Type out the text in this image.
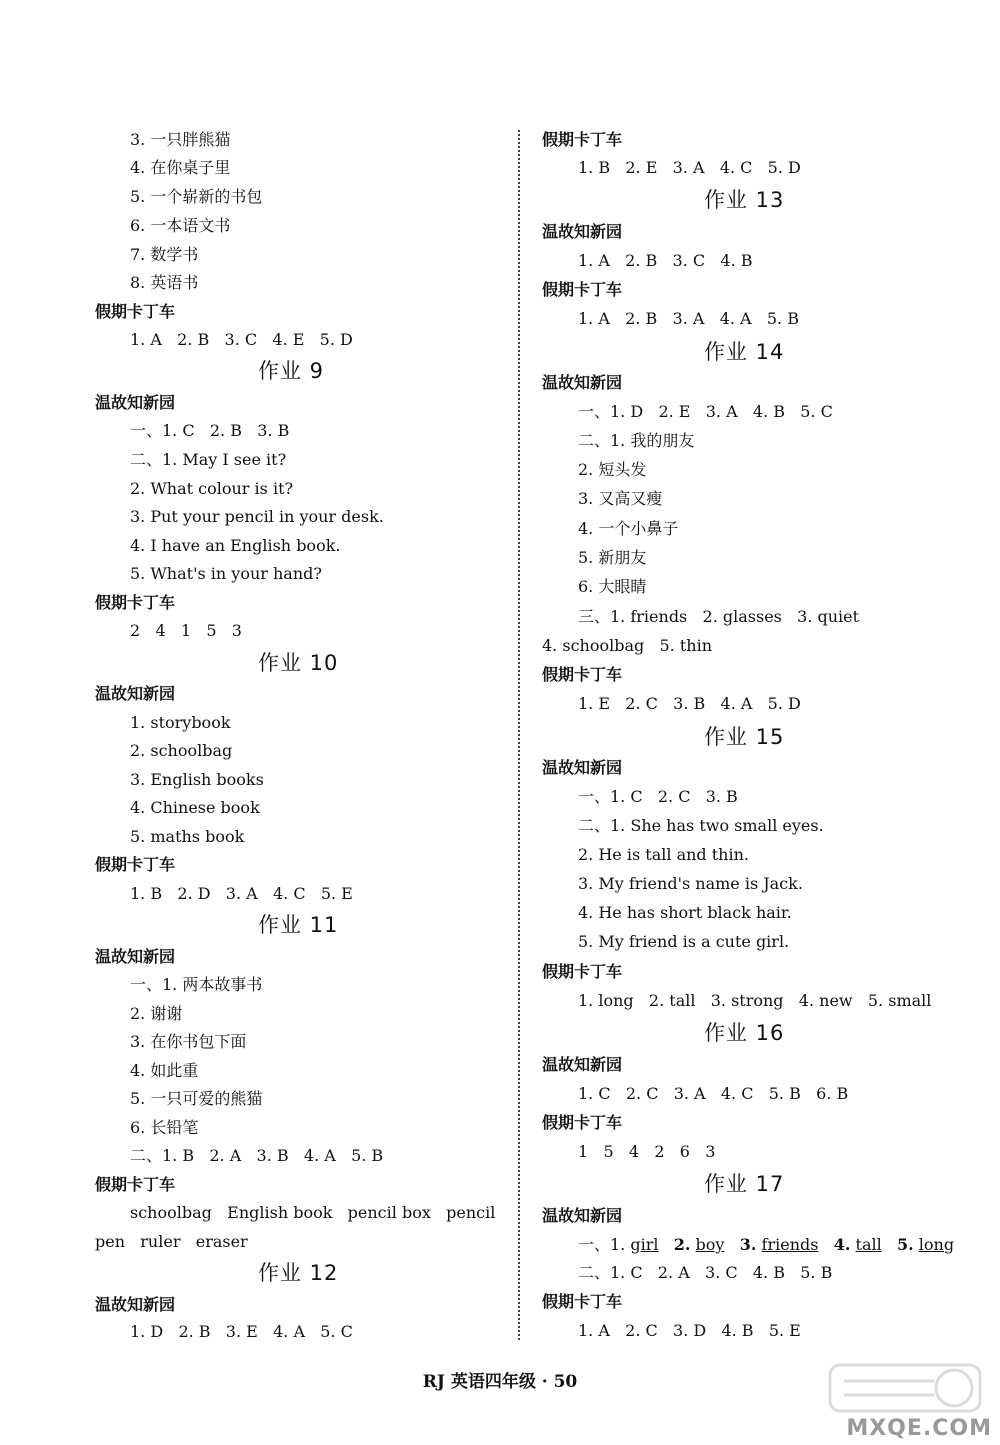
3. 一只胖熊猫
4. 在你桌子里
5. 一个崭新的书包
6. 一本语文书
7. 数学书
8. 英语书
假期卡丁车
1. A   2. B   3. C   4. E   5. D
作业 9
温故知新园
一、1. C   2. B   3. B
二、1. May I see it?
2. What colour is it?
3. Put your pencil in your desk.
4. I have an English book.
5. What's in your hand?
假期卡丁车
2   4   1   5   3
作业 10
温故知新园
1. storybook
2. schoolbag
3. English books
4. Chinese book
5. maths book
假期卡丁车
1. B   2. D   3. A   4. C   5. E
作业 11
温故知新园
一、1. 两本故事书
2. 谢谢
3. 在你书包下面
4. 如此重
5. 一只可爱的熊猫
6. 长铅笔
二、1. B   2. A   3. B   4. A   5. B
假期卡丁车
schoolbag   English book   pencil box   pencil
pen   ruler   eraser
作业 12
温故知新园
1. D   2. B   3. E   4. A   5. C
假期卡丁车
1. B   2. E   3. A   4. C   5. D
作业 13
温故知新园
1. A   2. B   3. C   4. B
假期卡丁车
1. A   2. B   3. A   4. A   5. B
作业 14
温故知新园
一、1. D   2. E   3. A   4. B   5. C
二、1. 我的朋友
2. 短头发
3. 又高又瘦
4. 一个小鼻子
5. 新朋友
6. 大眼睛
三、1. friends   2. glasses   3. quiet
4. schoolbag   5. thin
假期卡丁车
1. E   2. C   3. B   4. A   5. D
作业 15
温故知新园
一、1. C   2. C   3. B
二、1. She has two small eyes.
2. He is tall and thin.
3. My friend's name is Jack.
4. He has short black hair.
5. My friend is a cute girl.
假期卡丁车
1. long   2. tall   3. strong   4. new   5. small
作业 16
温故知新园
1. C   2. C   3. A   4. C   5. B   6. B
假期卡丁车
1   5   4   2   6   3
作业 17
温故知新园
一、1. girl 2. boy 3. friends 4. tall 5. long
二、1. C   2. A   3. C   4. B   5. B
假期卡丁车
1. A   2. C   3. D   4. B   5. E
RJ 英语四年级 · 50
MXQE.COM
